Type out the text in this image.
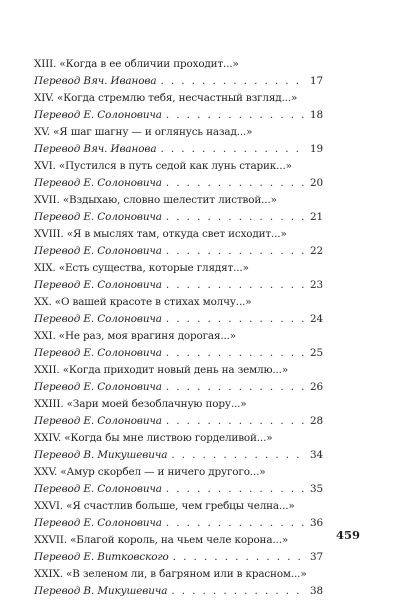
XIII. «Когда в ее обличии проходит...»
Перевод Вяч. Иванова . . .	17
XIV. «Когда стремлю тебя, несчастный взгляд...»
Перевод Е. Солоновича . . .	18
XV. «Я шаг шагну — и оглянусь назад...»
Перевод Вяч. Иванова . . .	19
XVI. «Пустился в путь седой как лунь старик...»
Перевод Е. Солоновича . . .	20
XVII. «Вздыхаю, словно шелестит листвой...»
Перевод Е. Солоновича . . .	21
XVIII. «Я в мыслях там, откуда свет исходит...»
Перевод Е. Солоновича . . .	22
XIX. «Есть существа, которые глядят...»
Перевод Е. Солоновича . . .	23
XX. «О вашей красоте в стихах молчу...»
Перевод Е. Солоновича . . .	24
XXI. «Не раз, моя врагиня дорогая...»
Перевод Е. Солоновича . . .	25
XXII. «Когда приходит новый день на землю...»
Перевод Е. Солоновича . . .	26
XXIII. «Зари моей безоблачную пору...»
Перевод Е. Солоновича . . .	28
XXIV. «Когда бы мне листвою горделивой...»
Перевод В. Микушевича . . .	34
XXV. «Амур скорбел — и ничего другого...»
Перевод Е. Солоновича . . .	35
XXVI. «Я счастлив больше, чем гребцы челна...»
Перевод Е. Солоновича . . .	36
XXVII. «Благой король, на чьем челе корона...»
Перевод Е. Витковского . . .	37
XXIX. «В зеленом ли, в багряном или в красном...»
Перевод В. Микушевича . . .	38
459
